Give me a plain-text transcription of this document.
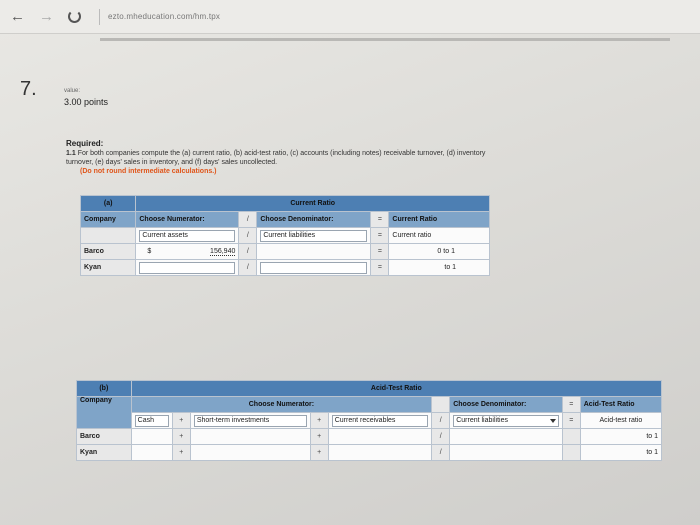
← →	ezto.mheducation.com/hm.tpx
7.	value:
3.00 points
Required:
1.1 For both companies compute the (a) current ratio, (b) acid-test ratio, (c) accounts (including notes) receivable turnover, (d) inventory turnover, (e) days' sales in inventory, and (f) days' sales uncollected.
(Do not round intermediate calculations.)
(a)	Current Ratio				
Company	Choose Numerator:	/	Choose Denominator:	=	Current Ratio

	Current assets	/	Current liabilities	=	Current ratio
Barco	$ 156,940	/		=	0 to 1
Kyan		/		=	to 1
(b)	Acid-Test Ratio								
Company	Choose Numerator:						Choose Denominator:	=	Acid-Test Ratio

	Cash	+	Short-term investments	+	Current receivables	/	Current liabilities	=	Acid-test ratio
Barco		+		+		/			to 1
Kyan		+		+		/			to 1
